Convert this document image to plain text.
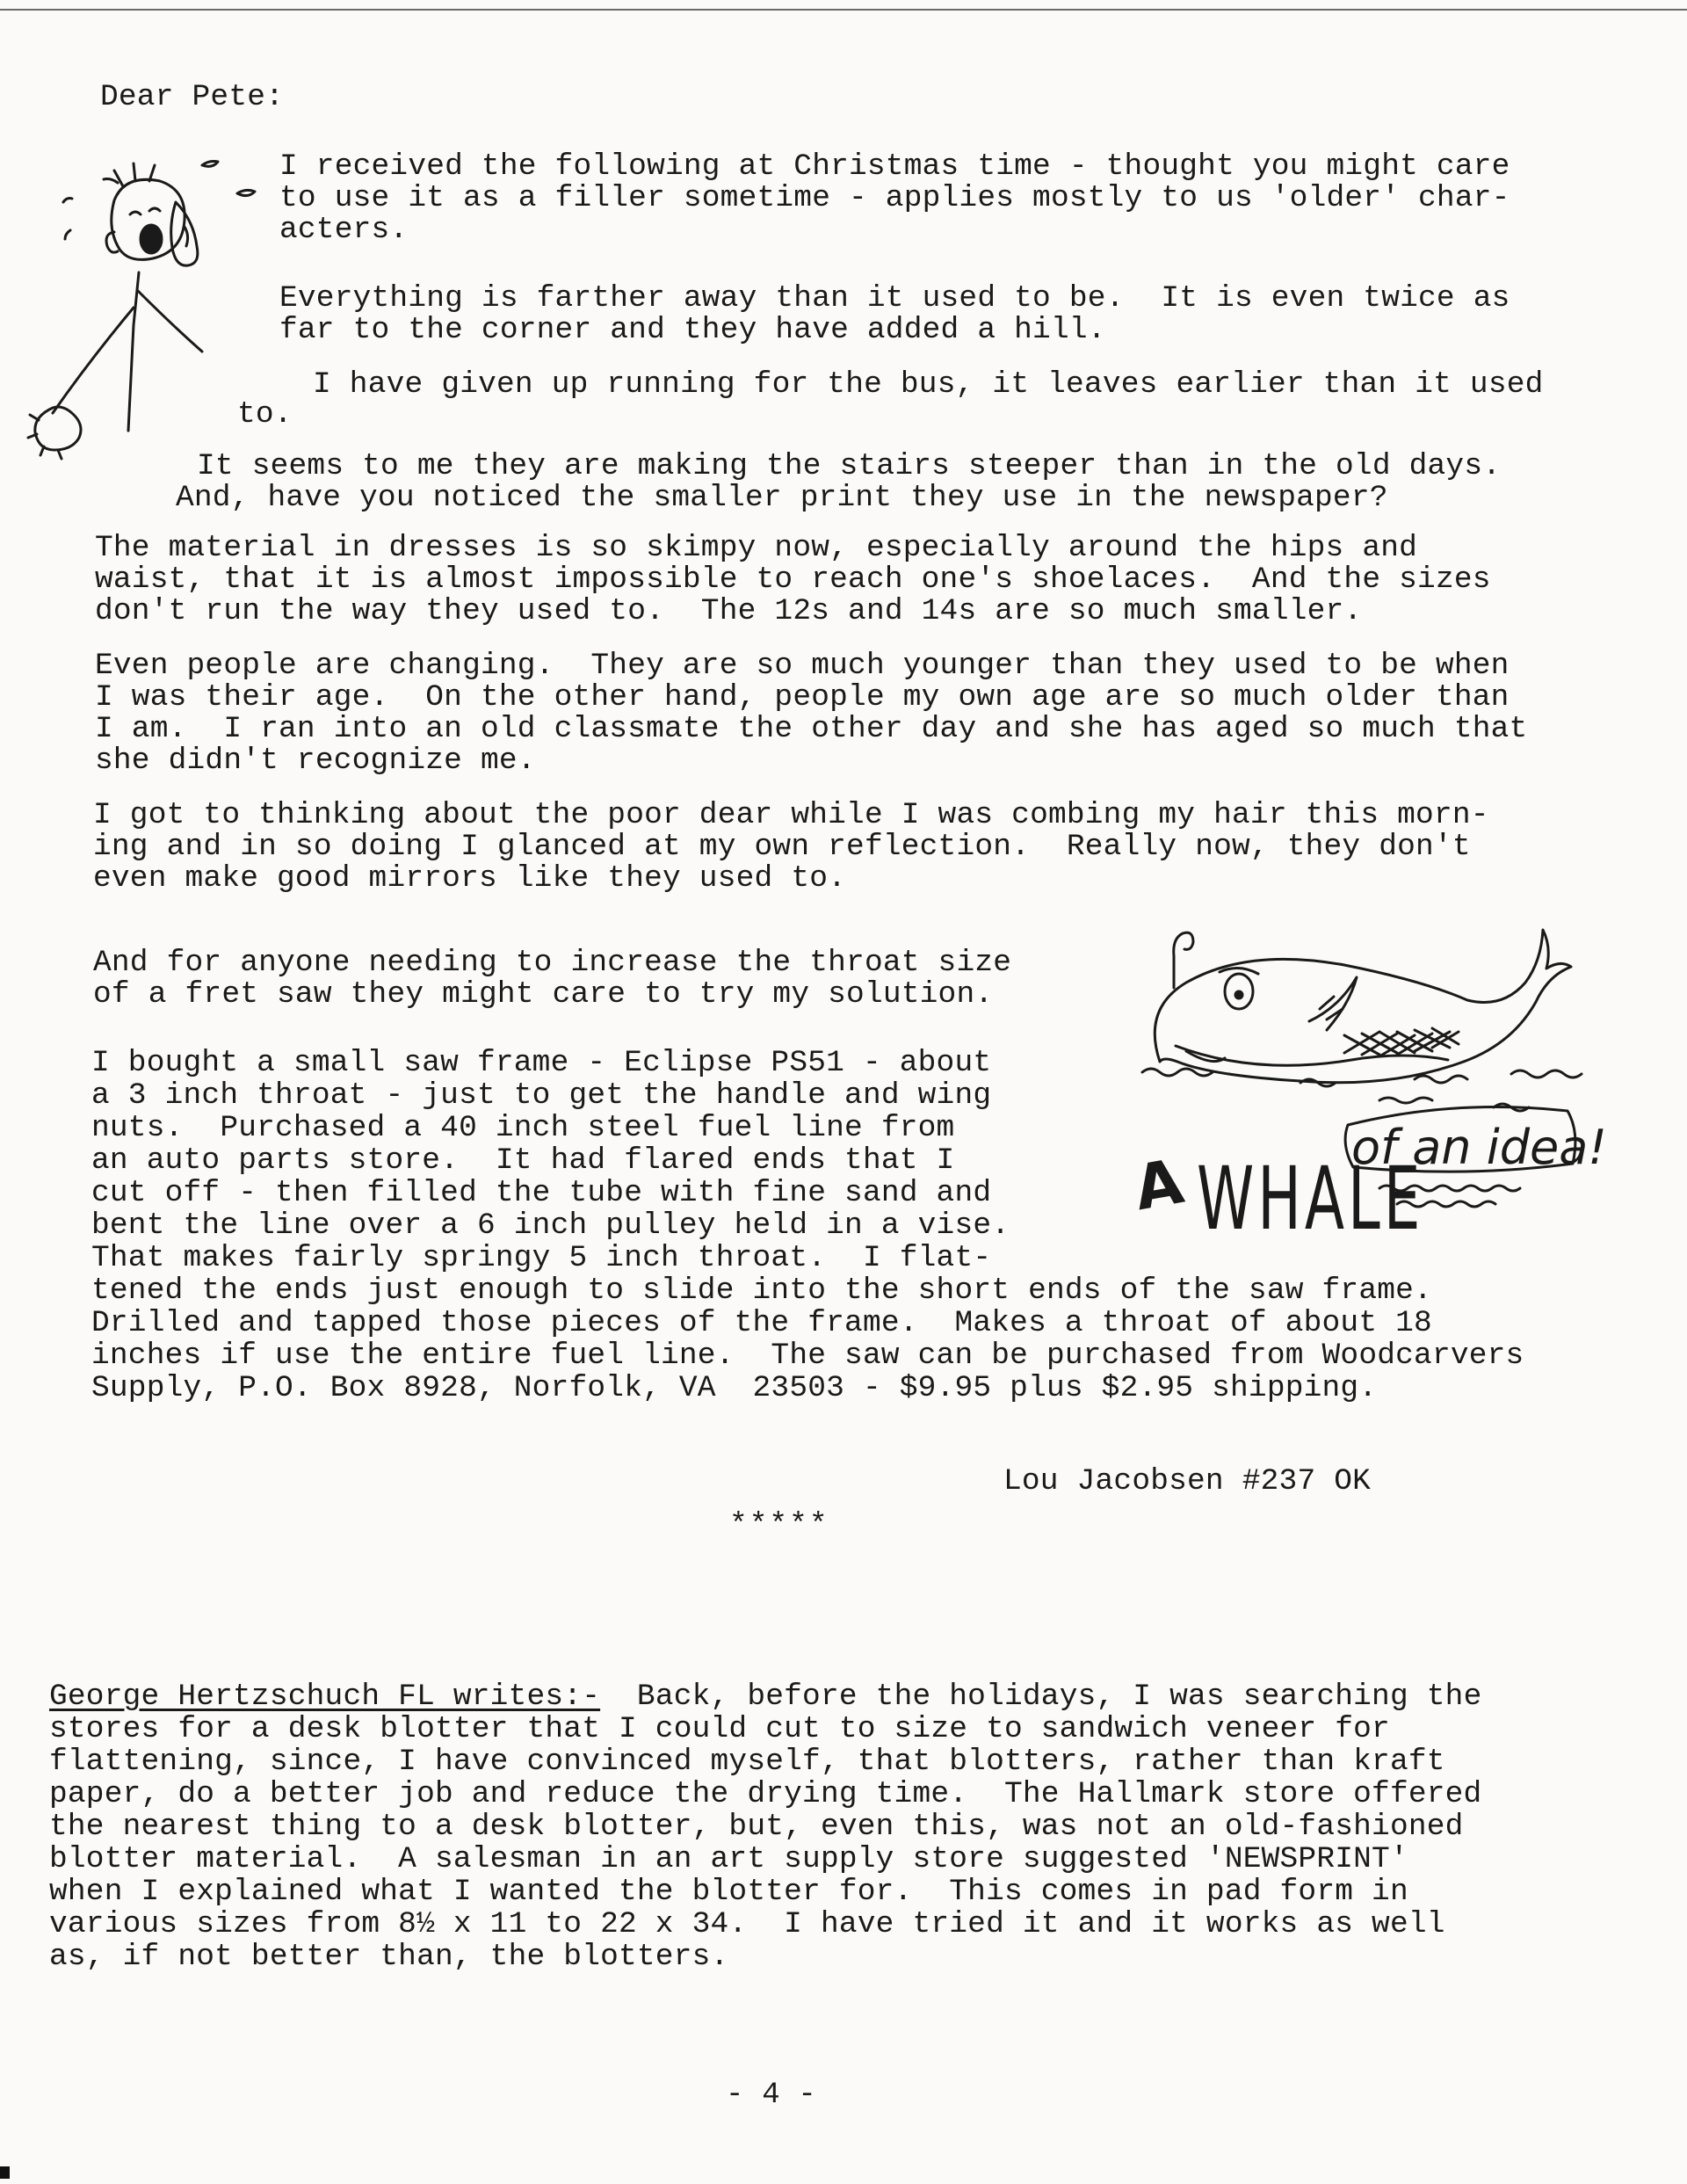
Dear Pete:

I received the following at Christmas time - thought you might care

to use it as a filler sometime - applies mostly to us 'older' char-

acters.

Everything is farther away than it used to be.  It is even twice as

far to the corner and they have added a hill.

I have given up running for the bus, it leaves earlier than it used

to.

It seems to me they are making the stairs steeper than in the old days.

And, have you noticed the smaller print they use in the newspaper?

The material in dresses is so skimpy now, especially around the hips and

waist, that it is almost impossible to reach one's shoelaces.  And the sizes

don't run the way they used to.  The 12s and 14s are so much smaller.

Even people are changing.  They are so much younger than they used to be when

I was their age.  On the other hand, people my own age are so much older than

I am.  I ran into an old classmate the other day and she has aged so much that

she didn't recognize me.

I got to thinking about the poor dear while I was combing my hair this morn-

ing and in so doing I glanced at my own reflection.  Really now, they don't

even make good mirrors like they used to.

And for anyone needing to increase the throat size

of a fret saw they might care to try my solution.

I bought a small saw frame - Eclipse PS51 - about

a 3 inch throat - just to get the handle and wing

nuts.  Purchased a 40 inch steel fuel line from

an auto parts store.  It had flared ends that I

cut off - then filled the tube with fine sand and

bent the line over a 6 inch pulley held in a vise.

That makes fairly springy 5 inch throat.  I flat-

tened the ends just enough to slide into the short ends of the saw frame.

Drilled and tapped those pieces of the frame.  Makes a throat of about 18

inches if use the entire fuel line.  The saw can be purchased from Woodcarvers

Supply, P.O. Box 8928, Norfolk, VA  23503 - $9.95 plus $2.95 shipping.

A WHALE
of an idea!

Lou Jacobsen #237 OK

*****

George Hertzschuch FL writes:-  Back, before the holidays, I was searching the

stores for a desk blotter that I could cut to size to sandwich veneer for

flattening, since, I have convinced myself, that blotters, rather than kraft

paper, do a better job and reduce the drying time.  The Hallmark store offered

the nearest thing to a desk blotter, but, even this, was not an old-fashioned

blotter material.  A salesman in an art supply store suggested 'NEWSPRINT'

when I explained what I wanted the blotter for.  This comes in pad form in

various sizes from 8½ x 11 to 22 x 34.  I have tried it and it works as well

as, if not better than, the blotters.

- 4 -
